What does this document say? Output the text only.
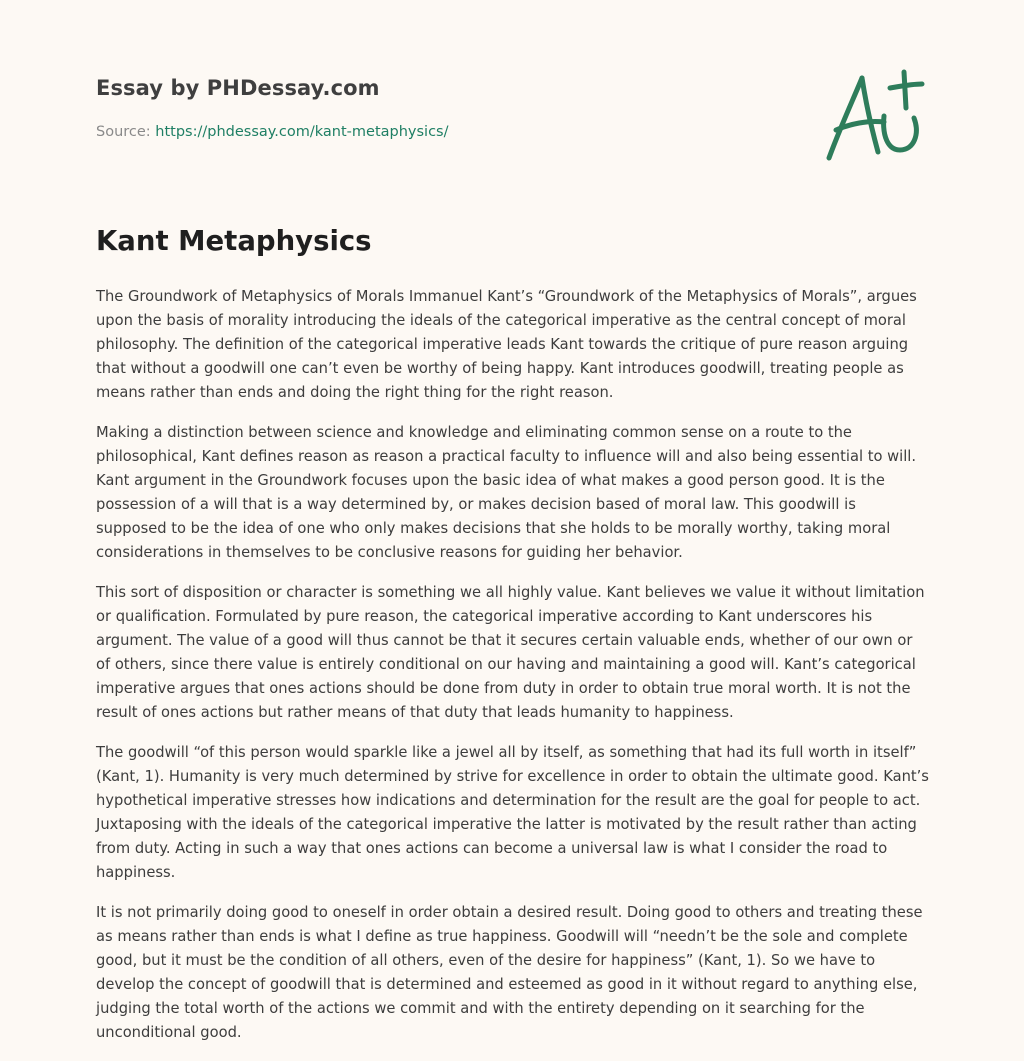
Essay by PHDessay.com

Source: https://phdessay.com/kant-metaphysics/

Kant Metaphysics

The Groundwork of Metaphysics of Morals Immanuel Kant’s “Groundwork of the Metaphysics of Morals”, argues upon the basis of morality introducing the ideals of the categorical imperative as the central concept of moral philosophy. The definition of the categorical imperative leads Kant towards the critique of pure reason arguing that without a goodwill one can’t even be worthy of being happy. Kant introduces goodwill, treating people as means rather than ends and doing the right thing for the right reason.

Making a distinction between science and knowledge and eliminating common sense on a route to the philosophical, Kant defines reason as reason a practical faculty to influence will and also being essential to will. Kant argument in the Groundwork focuses upon the basic idea of what makes a good person good. It is the possession of a will that is a way determined by, or makes decision based of moral law. This goodwill is supposed to be the idea of one who only makes decisions that she holds to be morally worthy, taking moral considerations in themselves to be conclusive reasons for guiding her behavior.

This sort of disposition or character is something we all highly value. Kant believes we value it without limitation or qualification. Formulated by pure reason, the categorical imperative according to Kant underscores his argument. The value of a good will thus cannot be that it secures certain valuable ends, whether of our own or of others, since there value is entirely conditional on our having and maintaining a good will. Kant’s categorical imperative argues that ones actions should be done from duty in order to obtain true moral worth. It is not the result of ones actions but rather means of that duty that leads humanity to happiness.

The goodwill “of this person would sparkle like a jewel all by itself, as something that had its full worth in itself” (Kant, 1). Humanity is very much determined by strive for excellence in order to obtain the ultimate good. Kant’s hypothetical imperative stresses how indications and determination for the result are the goal for people to act. Juxtaposing with the ideals of the categorical imperative the latter is motivated by the result rather than acting from duty. Acting in such a way that ones actions can become a universal law is what I consider the road to happiness.

It is not primarily doing good to oneself in order obtain a desired result. Doing good to others and treating these as means rather than ends is what I define as true happiness. Goodwill will “needn’t be the sole and complete good, but it must be the condition of all others, even of the desire for happiness” (Kant, 1). So we have to develop the concept of goodwill that is determined and esteemed as good in it without regard to anything else, judging the total worth of the actions we commit and with the entirety depending on it searching for the unconditional good.
